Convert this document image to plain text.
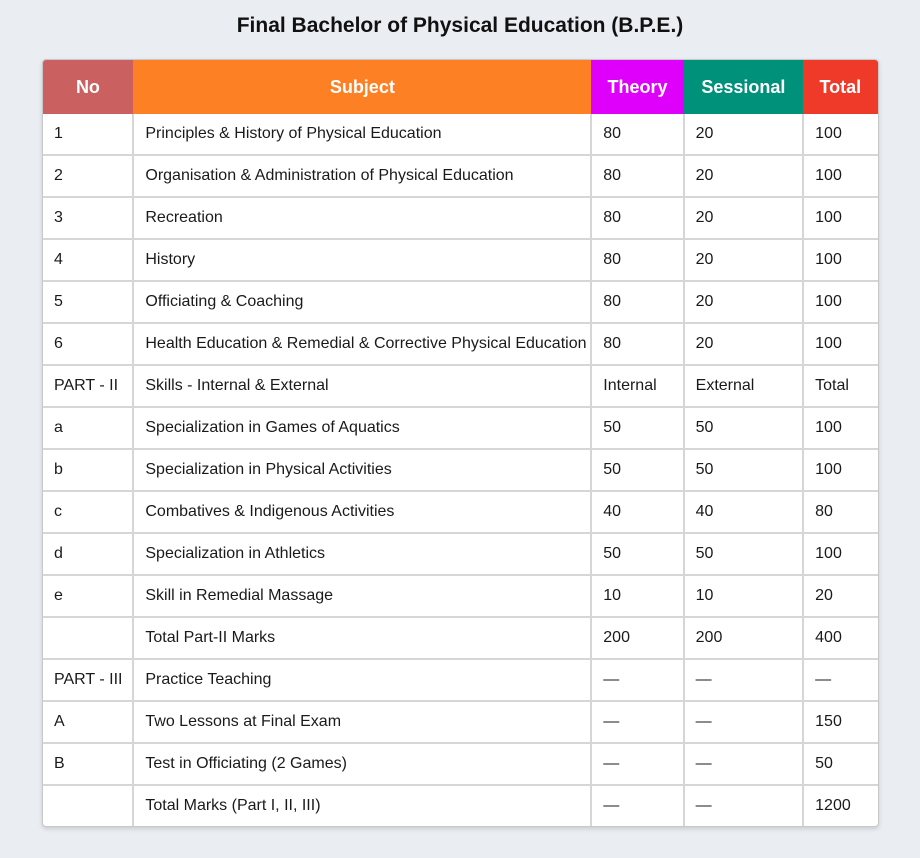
Final Bachelor of Physical Education (B.P.E.)
No	Subject	Theory	Sessional	Total
1	Principles & History of Physical Education	80	20	100
2	Organisation & Administration of Physical Education	80	20	100
3	Recreation	80	20	100
4	History	80	20	100
5	Officiating & Coaching	80	20	100
6	Health Education & Remedial & Corrective Physical Education	80	20	100
PART - II	Skills - Internal & External	Internal	External	Total
a	Specialization in Games of Aquatics	50	50	100
b	Specialization in Physical Activities	50	50	100
c	Combatives & Indigenous Activities	40	40	80
d	Specialization in Athletics	50	50	100
e	Skill in Remedial Massage	10	10	20
	Total Part-II Marks	200	200	400
PART - III	Practice Teaching	—	—	—
A	Two Lessons at Final Exam	—	—	150
B	Test in Officiating (2 Games)	—	—	50
	Total Marks (Part I, II, III)	—	—	1200
